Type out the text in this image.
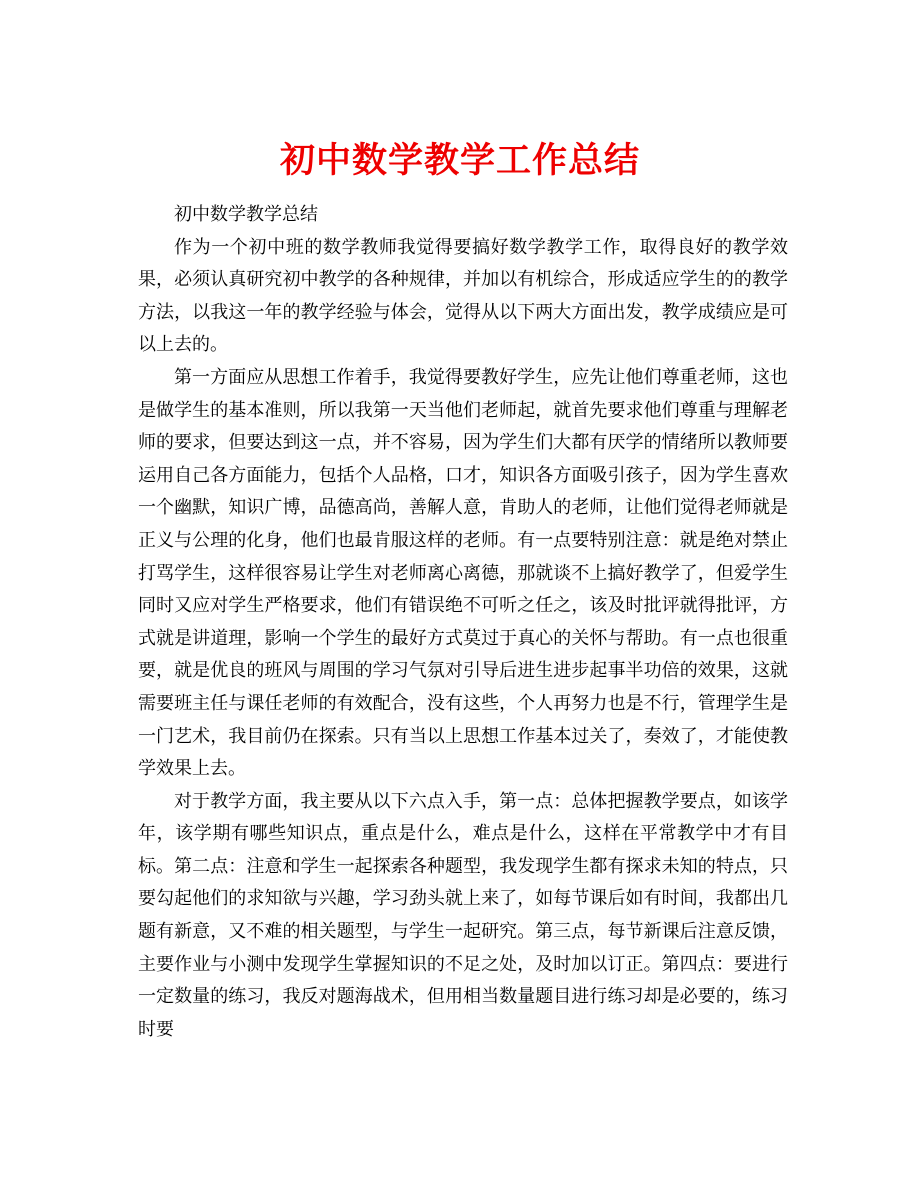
初中数学教学工作总结

初中数学教学总结

作为一个初中班的数学教师我觉得要搞好数学教学工作，取得良好的教学效果，必须认真研究初中教学的各种规律，并加以有机综合，形成适应学生的的教学方法，以我这一年的教学经验与体会，觉得从以下两大方面出发，教学成绩应是可以上去的。

第一方面应从思想工作着手，我觉得要教好学生，应先让他们尊重老师，这也是做学生的基本准则，所以我第一天当他们老师起，就首先要求他们尊重与理解老师的要求，但要达到这一点，并不容易，因为学生们大都有厌学的情绪所以教师要运用自己各方面能力，包括个人品格，口才，知识各方面吸引孩子，因为学生喜欢一个幽默，知识广博，品德高尚，善解人意，肯助人的老师，让他们觉得老师就是正义与公理的化身，他们也最肯服这样的老师。有一点要特别注意：就是绝对禁止打骂学生，这样很容易让学生对老师离心离德，那就谈不上搞好教学了，但爱学生同时又应对学生严格要求，他们有错误绝不可听之任之，该及时批评就得批评，方式就是讲道理，影响一个学生的最好方式莫过于真心的关怀与帮助。有一点也很重要，就是优良的班风与周围的学习气氛对引导后进生进步起事半功倍的效果，这就需要班主任与课任老师的有效配合，没有这些，个人再努力也是不行，管理学生是一门艺术，我目前仍在探索。只有当以上思想工作基本过关了，奏效了，才能使教学效果上去。

对于教学方面，我主要从以下六点入手，第一点：总体把握教学要点，如该学年，该学期有哪些知识点，重点是什么，难点是什么，这样在平常教学中才有目标。第二点：注意和学生一起探索各种题型，我发现学生都有探求未知的特点，只要勾起他们的求知欲与兴趣，学习劲头就上来了，如每节课后如有时间，我都出几题有新意，又不难的相关题型，与学生一起研究。第三点，每节新课后注意反馈，主要作业与小测中发现学生掌握知识的不足之处，及时加以订正。第四点：要进行一定数量的练习，我反对题海战术，但用相当数量题目进行练习却是必要的，练习时要
